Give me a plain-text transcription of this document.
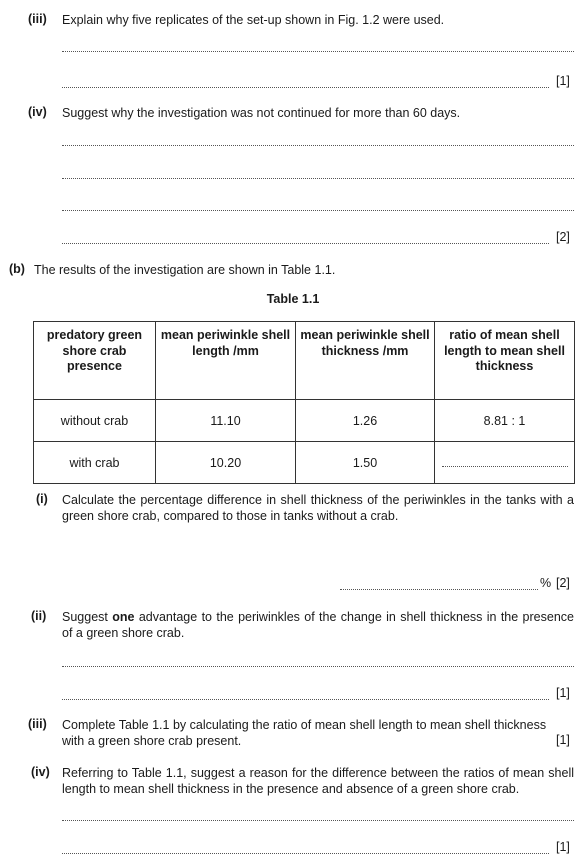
(iii) Explain why five replicates of the set-up shown in Fig. 1.2 were used.
[1]
(iv) Suggest why the investigation was not continued for more than 60 days.
[2]
(b) The results of the investigation are shown in Table 1.1.
Table 1.1
predatory green shore crab presence	mean periwinkle shell length /mm	mean periwinkle shell thickness /mm	ratio of mean shell length to mean shell thickness
without crab	11.10	1.26	8.81 : 1
with crab	10.20	1.50	
(i) Calculate the percentage difference in shell thickness of the periwinkles in the tanks with a green shore crab, compared to those in tanks without a crab.
% [2]
(ii) Suggest one advantage to the periwinkles of the change in shell thickness in the presence of a green shore crab.
[1]
(iii) Complete Table 1.1 by calculating the ratio of mean shell length to mean shell thickness with a green shore crab present.	[1]
(iv) Referring to Table 1.1, suggest a reason for the difference between the ratios of mean shell length to mean shell thickness in the presence and absence of a green shore crab.
[1]
